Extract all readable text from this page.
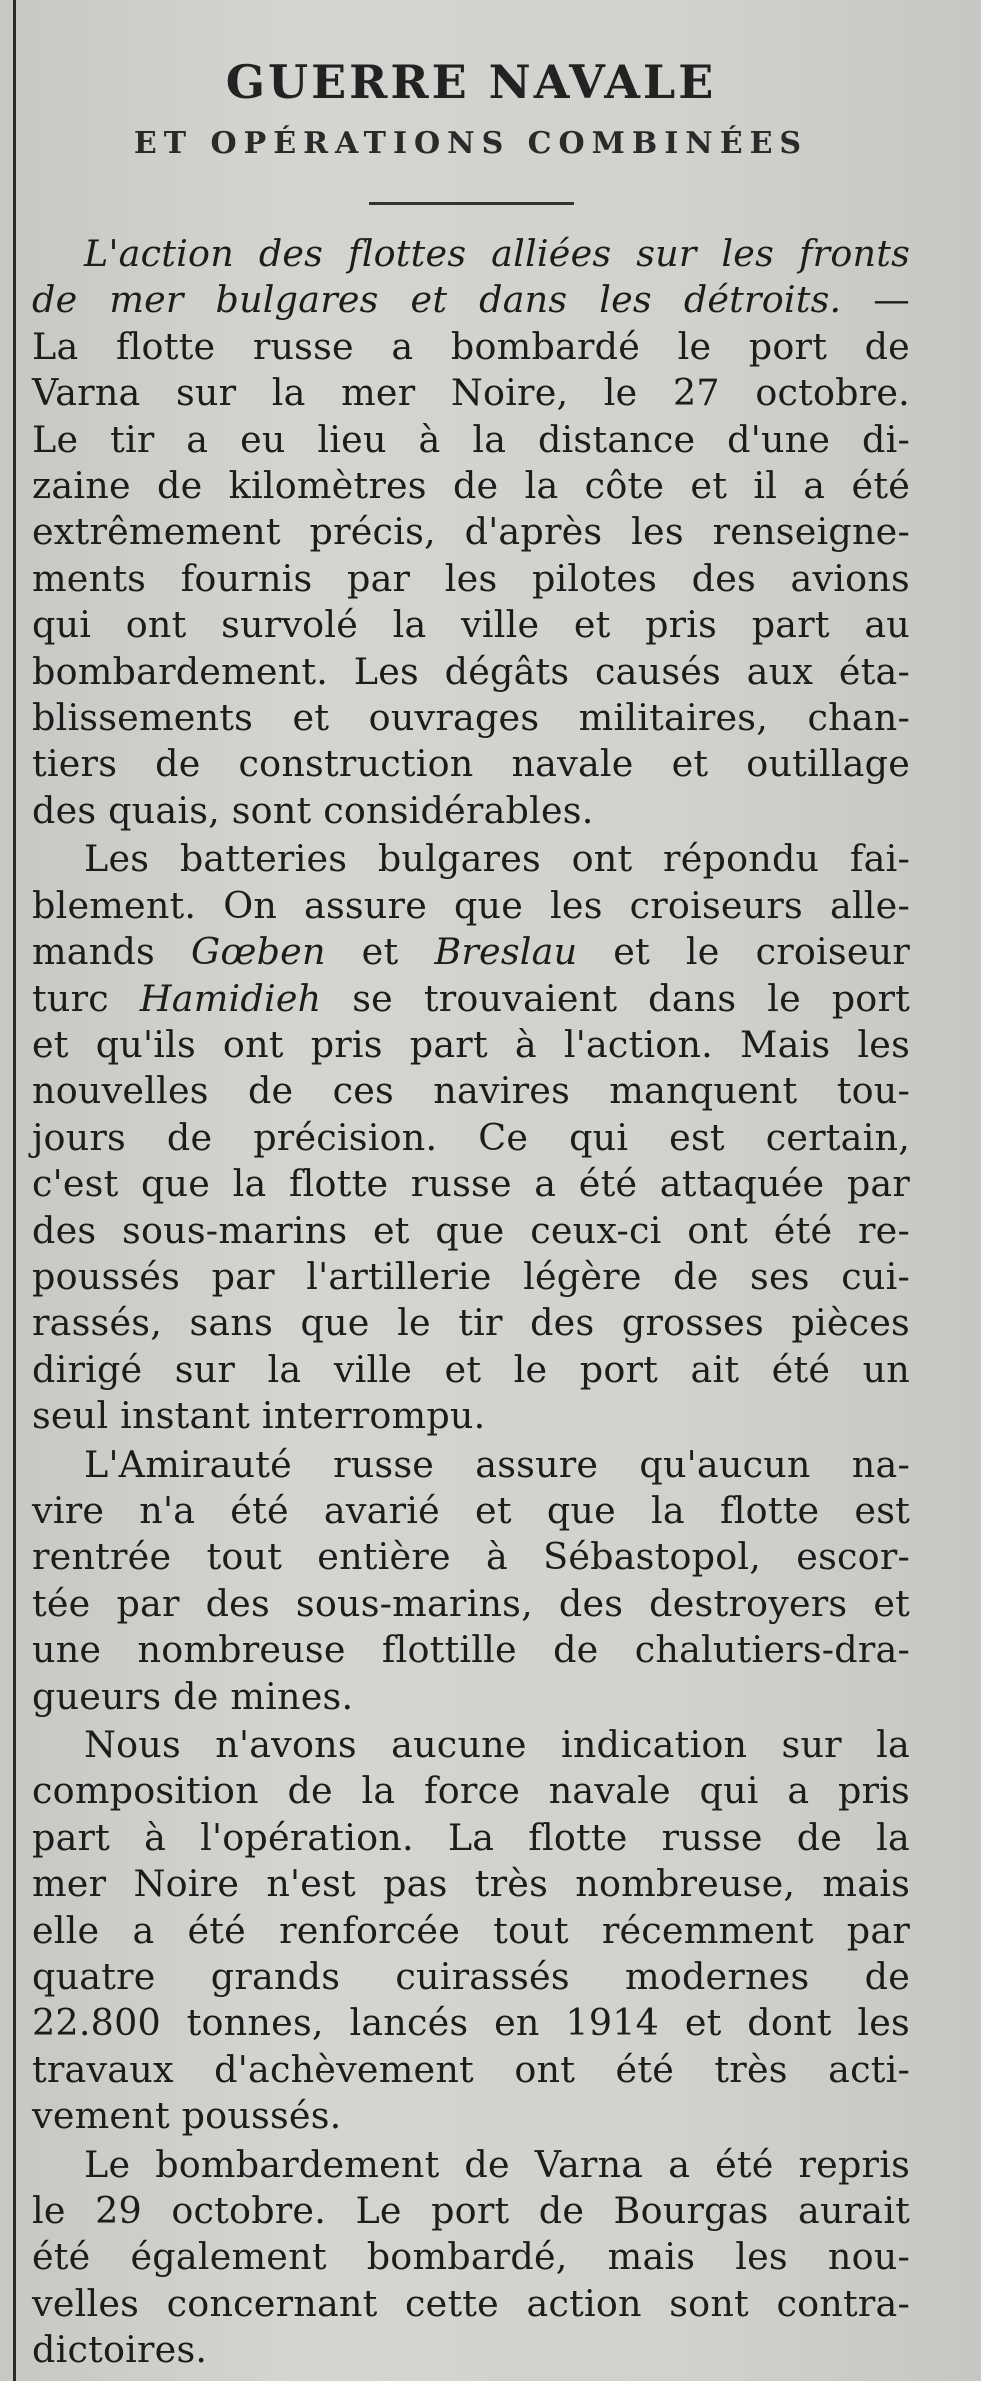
GUERRE NAVALE
ET OPÉRATIONS COMBINÉES

L'action des flottes alliées sur les fronts
de mer bulgares et dans les détroits. —
La flotte russe a bombardé le port de
Varna sur la mer Noire, le 27 octobre.
Le tir a eu lieu à la distance d'une di-
zaine de kilomètres de la côte et il a été
extrêmement précis, d'après les renseigne-
ments fournis par les pilotes des avions
qui ont survolé la ville et pris part au
bombardement. Les dégâts causés aux éta-
blissements et ouvrages militaires, chan-
tiers de construction navale et outillage
des quais, sont considérables.

Les batteries bulgares ont répondu fai-
blement. On assure que les croiseurs alle-
mands Gœben et Breslau et le croiseur
turc Hamidieh se trouvaient dans le port
et qu'ils ont pris part à l'action. Mais les
nouvelles de ces navires manquent tou-
jours de précision. Ce qui est certain,
c'est que la flotte russe a été attaquée par
des sous-marins et que ceux-ci ont été re-
poussés par l'artillerie légère de ses cui-
rassés, sans que le tir des grosses pièces
dirigé sur la ville et le port ait été un
seul instant interrompu.

L'Amirauté russe assure qu'aucun na-
vire n'a été avarié et que la flotte est
rentrée tout entière à Sébastopol, escor-
tée par des sous-marins, des destroyers et
une nombreuse flottille de chalutiers-dra-
gueurs de mines.

Nous n'avons aucune indication sur la
composition de la force navale qui a pris
part à l'opération. La flotte russe de la
mer Noire n'est pas très nombreuse, mais
elle a été renforcée tout récemment par
quatre grands cuirassés modernes de
22.800 tonnes, lancés en 1914 et dont les
travaux d'achèvement ont été très acti-
vement poussés.

Le bombardement de Varna a été repris
le 29 octobre. Le port de Bourgas aurait
été également bombardé, mais les nou-
velles concernant cette action sont contra-
dictoires.
